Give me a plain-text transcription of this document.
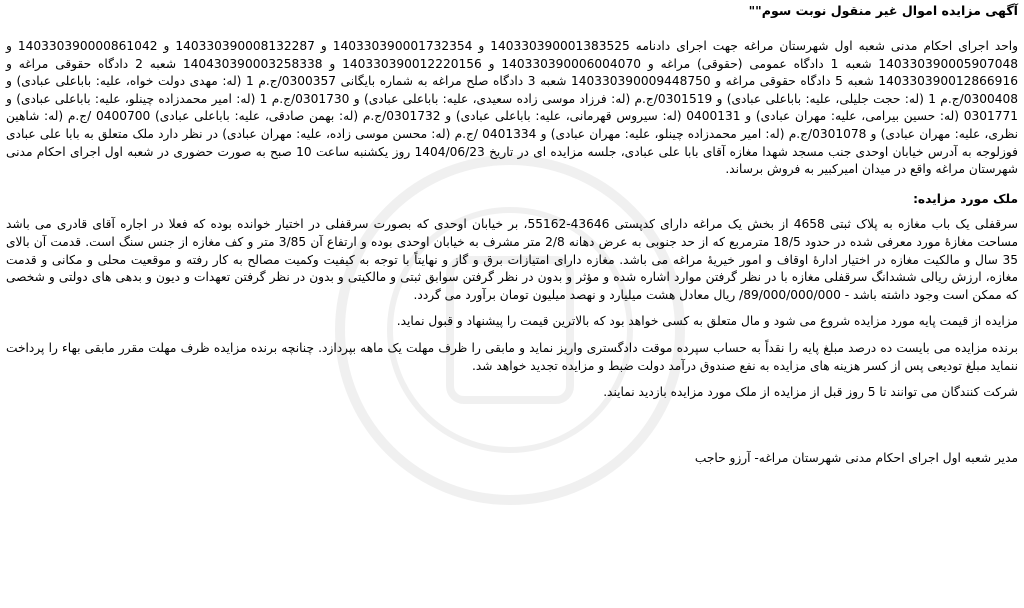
آگهی مزایده اموال غیر منقول نوبت سوم""

واحد اجرای احکام مدنی شعبه اول شهرستان مراغه جهت اجرای دادنامه 140330390001383525 و 140330390001732354 و 140330390008132287 و 140330390000861042 و 140330390005907048 شعبه 1 دادگاه عمومی (حقوقی) مراغه و 140330390006004070 و 140330390012220156 و 140430390003258338 شعبه 2 دادگاه حقوقی مراغه و 140330390012866916 شعبه 5 دادگاه حقوقی مراغه و 140330390009448750 شعبه 3 دادگاه صلح مراغه به شماره بایگانی 0300357/ج.م 1 (له: مهدی دولت خواه، علیه: باباعلی عبادی) و 0300408/ج.م 1 (له: حجت جلیلی، علیه: باباعلی عبادی) و 0301519/ج.م (له: فرزاد موسی زاده سعیدی، علیه: باباعلی عبادی) و 0301730/ج.م 1 (له: امیر محمدزاده چینلو، علیه: باباعلی عبادی) و 0301771 (له: حسین بیرامی، علیه: مهران عبادی) و 0400131 (له: سیروس قهرمانی، علیه: باباعلی عبادی) و 0301732/ج.م (له: بهمن صادقی، علیه: باباعلی عبادی) 0400700 /ج.م (له: شاهین نظری، علیه: مهران عبادی) و 0301078/ج.م (له: امیر محمدزاده چینلو، علیه: مهران عبادی) و 0401334 /ج.م (له: محسن موسی زاده، علیه: مهران عبادی) در نظر دارد ملک متعلق به بابا علی عبادی فوزلوجه به آدرس خیابان اوحدی جنب مسجد شهدا مغازه آقای بابا علی عبادی، جلسه مزایده ای در تاریخ 1404/06/23 روز یکشنبه ساعت 10 صبح به صورت حضوری در شعبه اول اجرای احکام مدنی شهرستان مراغه واقع در میدان امیرکبیر به فروش برساند.

ملک مورد مزایده:

سرقفلی یک باب مغازه به پلاک ثبتی 4658 از بخش یک مراغه دارای کدپستی 43646-55162، بر خیابان اوحدی که بصورت سرقفلی در اختیار خوانده بوده که فعلا در اجاره آقای قادری می باشد مساحت مغازهٔ مورد معرفی شده در حدود 18/5 مترمربع که از حد جنوبی به عرض دهانه 2/8 متر مشرف به خیابان اوحدی بوده و ارتفاع آن 3/85 متر و کف مغازه از جنس سنگ است. قدمت آن بالای 35 سال و مالکیت مغازه در اختیار ادارهٔ اوقاف و امور خیریهٔ مراغه می باشد. مغازه دارای امتیازات برق و گاز و نهایتاً با توجه به کیفیت وکمیت مصالح به کار رفته و موقعیت محلی و مکانی و قدمت مغازه، ارزش ریالی ششدانگ سرقفلی مغازه با در نظر گرفتن موارد اشاره شده و مؤثر و بدون در نظر گرفتن سوابق ثبتی و مالکیتی و بدون در نظر گرفتن تعهدات و دیون و بدهی های دولتی و شخصی که ممکن است وجود داشته باشد - 89/000/000/000/ ریال معادل هشت میلیارد و نهصد میلیون تومان برآورد می گردد.

مزایده از قیمت پایه مورد مزایده شروع می شود و مال متعلق به کسی خواهد بود که بالاترین قیمت را پیشنهاد و قبول نماید.

برنده مزایده می بایست ده درصد مبلغ پایه را نقداً به حساب سپرده موقت دادگستری واریز نماید و مابقی را ظرف مهلت یک ماهه بپردازد. چنانچه برنده مزایده ظرف مهلت مقرر مابقی بهاء را پرداخت ننماید مبلغ تودیعی پس از کسر هزینه های مزایده به نفع صندوق درآمد دولت ضبط و مزایده تجدید خواهد شد.

شرکت کنندگان می توانند تا 5 روز قبل از مزایده از ملک مورد مزایده بازدید نمایند.

مدیر شعبه اول اجرای احکام مدنی شهرستان مراغه- آرزو حاجب
